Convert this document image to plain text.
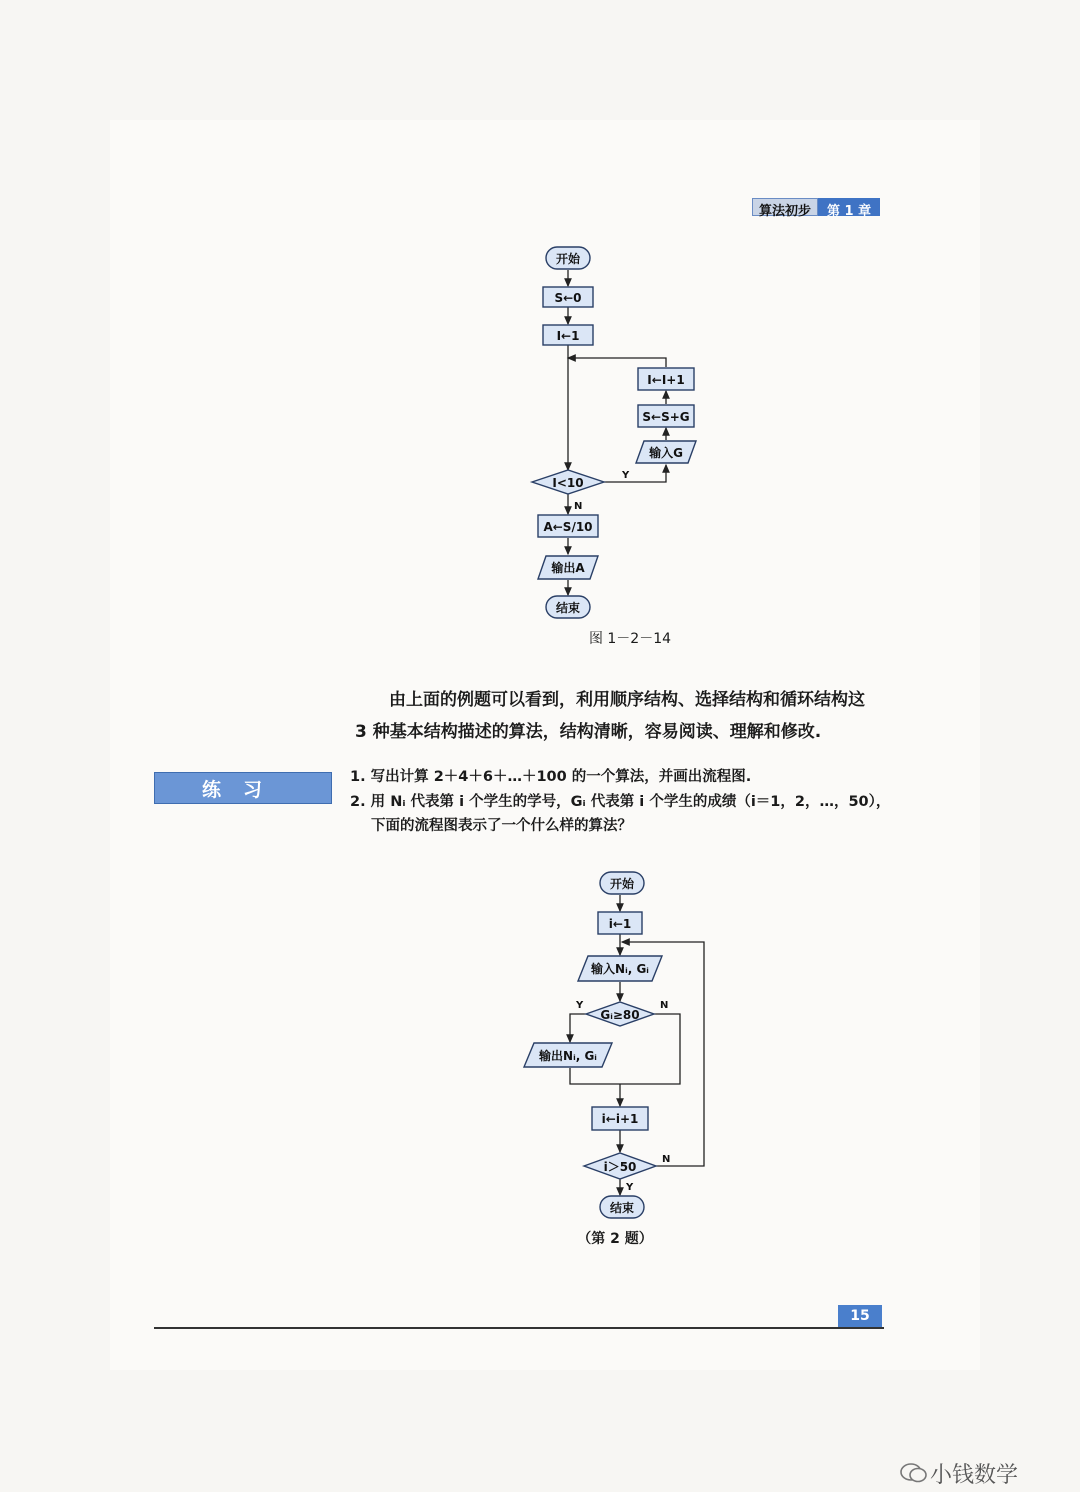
算法初步	第 1 章
开始
S←0
I←1
I←I+1
S←S+G
输入G
I<10
Y
N
A←S/10
输出A
结束
开始
i←1
输入Nᵢ, Gᵢ
Gᵢ≥80
Y	N
输出Nᵢ, Gᵢ
i←i+1
i＞50
N
Y
结束
图 1－2－14
由上面的例题可以看到，利用顺序结构、选择结构和循环结构这
3 种基本结构描述的算法，结构清晰，容易阅读、理解和修改.
练习
1. 写出计算 2＋4＋6＋…＋100 的一个算法，并画出流程图.
2. 用 Nᵢ 代表第 i 个学生的学号，Gᵢ 代表第 i 个学生的成绩（i＝1，2，…，50），
下面的流程图表示了一个什么样的算法？
（第 2 题）
15
小钱数学
